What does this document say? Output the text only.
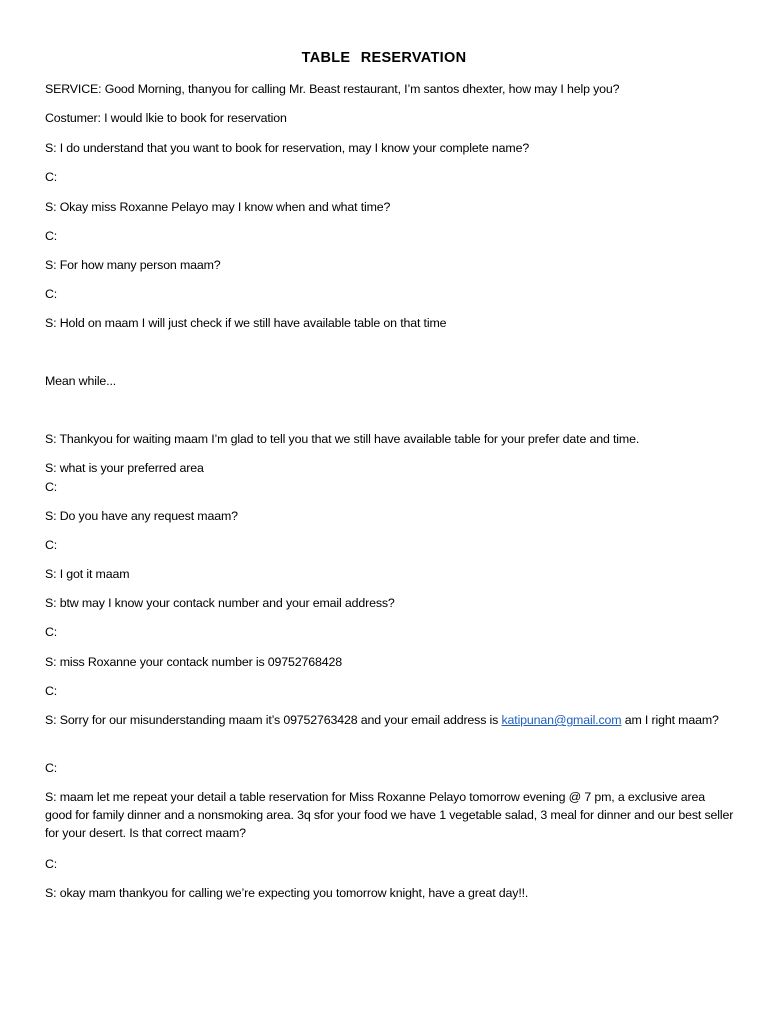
TABLE RESERVATION
SERVICE: Good Morning, thanyou for calling Mr. Beast restaurant, I’m santos dhexter, how may I help you?
Costumer: I would lkie to book for reservation
S: I do understand that you want to book for reservation, may I know your complete name?
C:
S: Okay miss Roxanne Pelayo may I know when and what time?
C:
S: For how many person maam?
C:
S: Hold on maam I will just check if we still have available table on that time
Mean while...
S: Thankyou for waiting maam I’m glad to tell you that we still have available table for your prefer date and time.
S: what is your preferred area
C:
S: Do you have any request maam?
C:
S: I got it maam
S: btw may I know your contack number and your email address?
C:
S: miss Roxanne your contack number is 09752768428
C:
S: Sorry for our misunderstanding maam it’s 09752763428 and your email address is katipunan@gmail.com am I right maam?
C:
S: maam let me repeat your detail a table reservation for Miss Roxanne Pelayo tomorrow evening @ 7 pm, a exclusive area good for family dinner and a nonsmoking area. 3q sfor your food we have 1 vegetable salad, 3 meal for dinner and our best seller for your desert. Is that correct maam?
C:
S: okay mam thankyou for calling we’re expecting you tomorrow knight, have a great day!!.
